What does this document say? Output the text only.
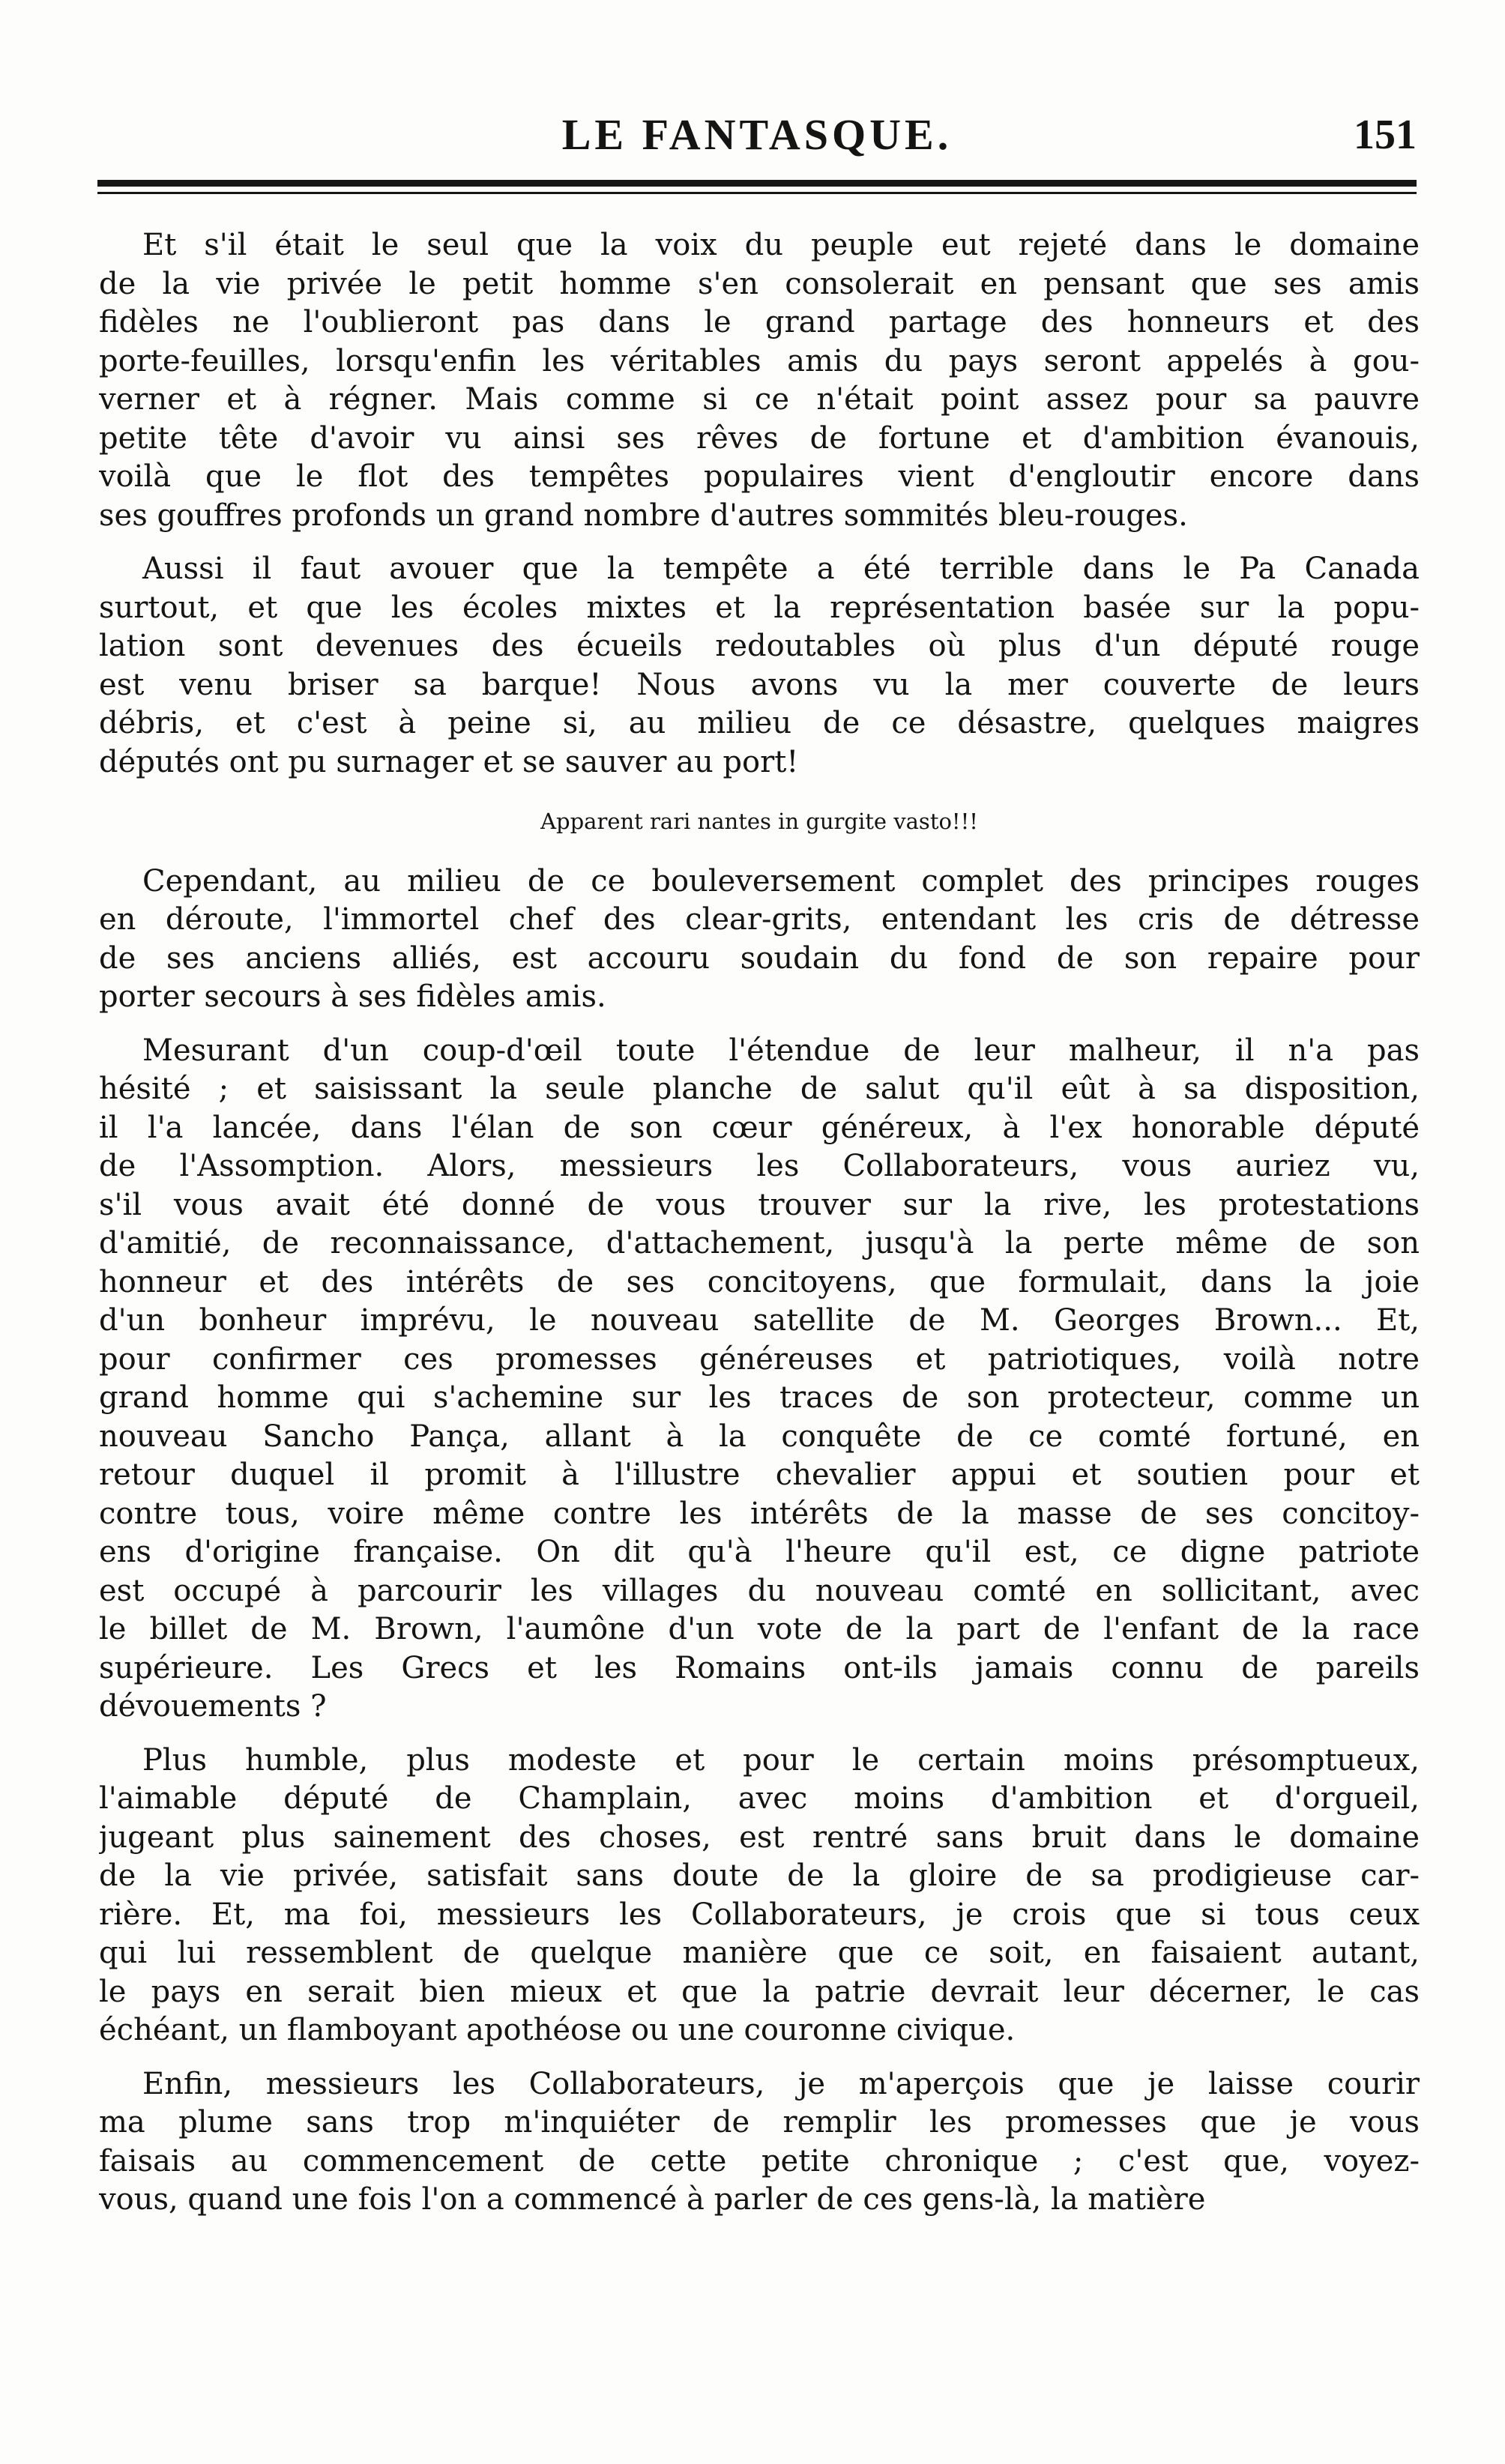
LE FANTASQUE.	151
Et s'il était le seul que la voix du peuple eut rejeté dans le domaine
de la vie privée le petit homme s'en consolerait en pensant que ses amis
fidèles ne l'oublieront pas dans le grand partage des honneurs et des
porte-feuilles, lorsqu'enfin les véritables amis du pays seront appelés à gou-
verner et à régner. Mais comme si ce n'était point assez pour sa pauvre
petite tête d'avoir vu ainsi ses rêves de fortune et d'ambition évanouis,
voilà que le flot des tempêtes populaires vient d'engloutir encore dans
ses gouffres profonds un grand nombre d'autres sommités bleu-rouges.
Aussi il faut avouer que la tempête a été terrible dans le Pa Canada
surtout, et que les écoles mixtes et la représentation basée sur la popu-
lation sont devenues des écueils redoutables où plus d'un député rouge
est venu briser sa barque! Nous avons vu la mer couverte de leurs
débris, et c'est à peine si, au milieu de ce désastre, quelques maigres
députés ont pu surnager et se sauver au port!
Apparent rari nantes in gurgite vasto!!!
Cependant, au milieu de ce bouleversement complet des principes rouges
en déroute, l'immortel chef des clear-grits, entendant les cris de détresse
de ses anciens alliés, est accouru soudain du fond de son repaire pour
porter secours à ses fidèles amis.
Mesurant d'un coup-d'œil toute l'étendue de leur malheur, il n'a pas
hésité ; et saisissant la seule planche de salut qu'il eût à sa disposition,
il l'a lancée, dans l'élan de son cœur généreux, à l'ex honorable député
de l'Assomption. Alors, messieurs les Collaborateurs, vous auriez vu,
s'il vous avait été donné de vous trouver sur la rive, les protestations
d'amitié, de reconnaissance, d'attachement, jusqu'à la perte même de son
honneur et des intérêts de ses concitoyens, que formulait, dans la joie
d'un bonheur imprévu, le nouveau satellite de M. Georges Brown... Et,
pour confirmer ces promesses généreuses et patriotiques, voilà notre
grand homme qui s'achemine sur les traces de son protecteur, comme un
nouveau Sancho Pança, allant à la conquête de ce comté fortuné, en
retour duquel il promit à l'illustre chevalier appui et soutien pour et
contre tous, voire même contre les intérêts de la masse de ses concitoy-
ens d'origine française. On dit qu'à l'heure qu'il est, ce digne patriote
est occupé à parcourir les villages du nouveau comté en sollicitant, avec
le billet de M. Brown, l'aumône d'un vote de la part de l'enfant de la race
supérieure. Les Grecs et les Romains ont-ils jamais connu de pareils
dévouements ?
Plus humble, plus modeste et pour le certain moins présomptueux,
l'aimable député de Champlain, avec moins d'ambition et d'orgueil,
jugeant plus sainement des choses, est rentré sans bruit dans le domaine
de la vie privée, satisfait sans doute de la gloire de sa prodigieuse car-
rière. Et, ma foi, messieurs les Collaborateurs, je crois que si tous ceux
qui lui ressemblent de quelque manière que ce soit, en faisaient autant,
le pays en serait bien mieux et que la patrie devrait leur décerner, le cas
échéant, un flamboyant apothéose ou une couronne civique.
Enfin, messieurs les Collaborateurs, je m'aperçois que je laisse courir
ma plume sans trop m'inquiéter de remplir les promesses que je vous
faisais au commencement de cette petite chronique ; c'est que, voyez-
vous, quand une fois l'on a commencé à parler de ces gens-là, la matière
